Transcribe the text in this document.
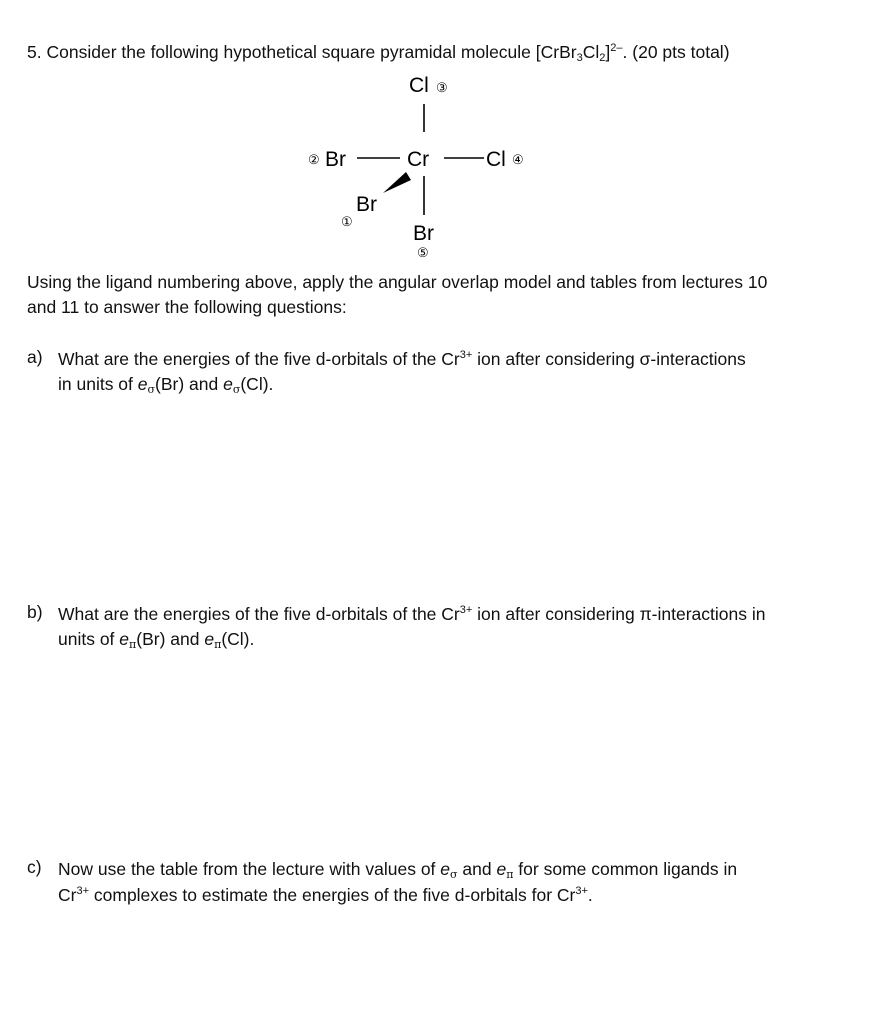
5. Consider the following hypothetical square pyramidal molecule $[CrBr_3Cl_2]^{2-}$. (20 pts total)
Cl ③
② Br	Cr	Cl ④
Br
①
Br
⑤
Using the ligand numbering above, apply the angular overlap model and tables from lectures 10
and 11 to answer the following questions:
a) What are the energies of the five d-orbitals of the $Cr^{3+}$ ion after considering σ-interactions
in units of $e_\sigma(Br)$ and $e_\sigma(Cl)$.
b) What are the energies of the five d-orbitals of the $Cr^{3+}$ ion after considering π-interactions in
units of $e_\pi(Br)$ and $e_\pi(Cl)$.
c) Now use the table from the lecture with values of $e_\sigma$ and $e_\pi$ for some common ligands in
$Cr^{3+}$ complexes to estimate the energies of the five d-orbitals for $Cr^{3+}$.
